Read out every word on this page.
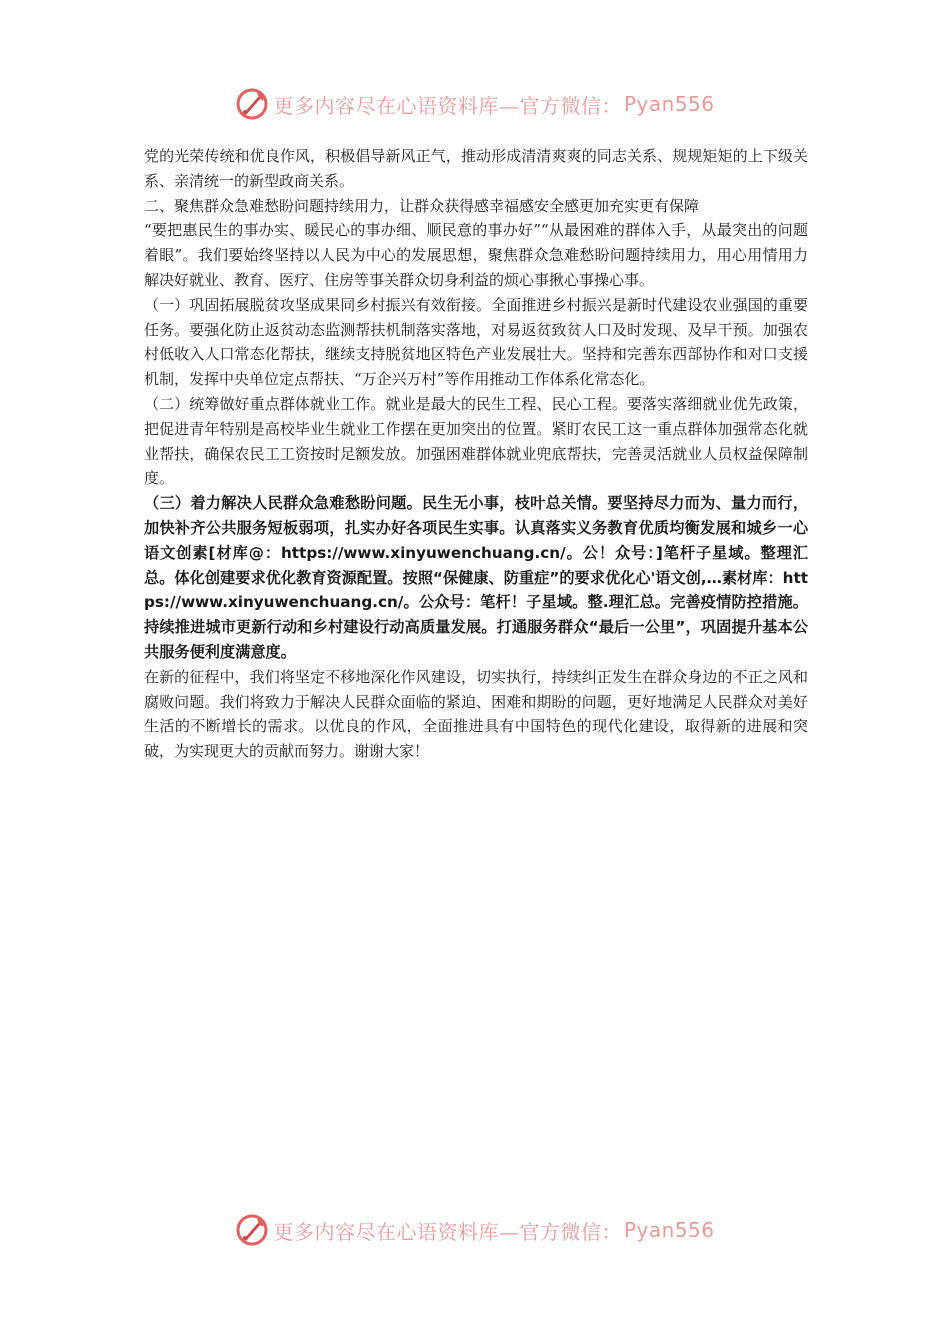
更多内容尽在心语资料库—官方微信： Pyan556

党的光荣传统和优良作风，积极倡导新风正气，推动形成清清爽爽的同志关系、规规矩矩的上下级关系、亲清统一的新型政商关系。

二、聚焦群众急难愁盼问题持续用力，让群众获得感幸福感安全感更加充实更有保障

“要把惠民生的事办实、暖民心的事办细、顺民意的事办好”“从最困难的群体入手，从最突出的问题着眼”。我们要始终坚持以人民为中心的发展思想，聚焦群众急难愁盼问题持续用力，用心用情用力解决好就业、教育、医疗、住房等事关群众切身利益的烦心事揪心事操心事。

（一）巩固拓展脱贫攻坚成果同乡村振兴有效衔接。全面推进乡村振兴是新时代建设农业强国的重要任务。要强化防止返贫动态监测帮扶机制落实落地，对易返贫致贫人口及时发现、及早干预。加强农村低收入人口常态化帮扶，继续支持脱贫地区特色产业发展壮大。坚持和完善东西部协作和对口支援机制，发挥中央单位定点帮扶、“万企兴万村”等作用推动工作体系化常态化。

（二）统筹做好重点群体就业工作。就业是最大的民生工程、民心工程。要落实落细就业优先政策，把促进青年特别是高校毕业生就业工作摆在更加突出的位置。紧盯农民工这一重点群体加强常态化就业帮扶，确保农民工工资按时足额发放。加强困难群体就业兜底帮扶，完善灵活就业人员权益保障制度。

（三）着力解决人民群众急难愁盼问题。民生无小事，枝叶总关情。要坚持尽力而为、量力而行，加快补齐公共服务短板弱项，扎实办好各项民生实事。认真落实义务教育优质均衡发展和城乡一心语文创素[材库@：https://www.xinyuwenchuang.cn/。公！众号：]笔杆子星域。整理汇总。体化创建要求优化教育资源配置。按照“保健康、防重症”的要求优化心'语文创,…素材库：https://www.xinyuwenchuang.cn/。公众号：笔杆！子星域。整.理汇总。完善疫情防控措施。持续推进城市更新行动和乡村建设行动高质量发展。打通服务群众“最后一公里”，巩固提升基本公共服务便利度满意度。

在新的征程中，我们将坚定不移地深化作风建设，切实执行，持续纠正发生在群众身边的不正之风和腐败问题。我们将致力于解决人民群众面临的紧迫、困难和期盼的问题，更好地满足人民群众对美好生活的不断增长的需求。以优良的作风，全面推进具有中国特色的现代化建设，取得新的进展和突破，为实现更大的贡献而努力。谢谢大家！

更多内容尽在心语资料库—官方微信： Pyan556
